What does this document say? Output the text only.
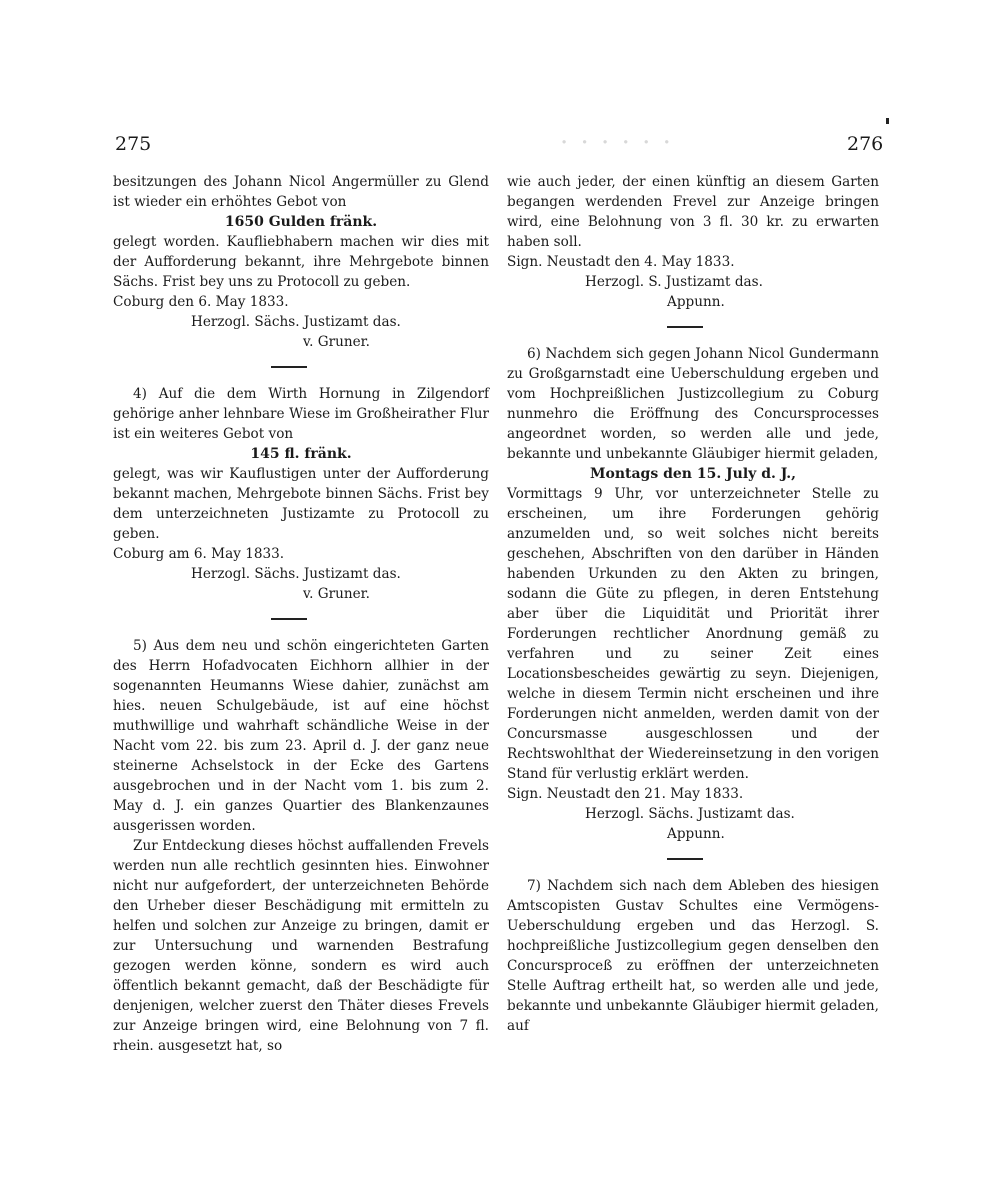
· · · · · ·
275	276

besitzungen des Johann Nicol Angermüller zu Glend ist wieder ein erhöhtes Gebot von

1650 Gulden fränk.

gelegt worden. Kaufliebhabern machen wir dies mit der Aufforderung bekannt, ihre Mehrgebote binnen Sächs. Frist bey uns zu Protocoll zu geben.

Coburg den 6. May 1833.

Herzogl. Sächs. Justizamt das.

v. Gruner.

4) Auf die dem Wirth Hornung in Zilgendorf gehörige anher lehnbare Wiese im Großheirather Flur ist ein weiteres Gebot von

145 fl. fränk.

gelegt, was wir Kauflustigen unter der Aufforderung bekannt machen, Mehrgebote binnen Sächs. Frist bey dem unterzeichneten Justizamte zu Protocoll zu geben.

Coburg am 6. May 1833.

Herzogl. Sächs. Justizamt das.

v. Gruner.

5) Aus dem neu und schön eingerichteten Garten des Herrn Hofadvocaten Eichhorn allhier in der sogenannten Heumanns Wiese dahier, zunächst am hies. neuen Schulgebäude, ist auf eine höchst muthwillige und wahrhaft schändliche Weise in der Nacht vom 22. bis zum 23. April d. J. der ganz neue steinerne Achselstock in der Ecke des Gartens ausgebrochen und in der Nacht vom 1. bis zum 2. May d. J. ein ganzes Quartier des Blankenzaunes ausgerissen worden.

Zur Entdeckung dieses höchst auffallenden Frevels werden nun alle rechtlich gesinnten hies. Einwohner nicht nur aufgefordert, der unterzeichneten Behörde den Urheber dieser Beschädigung mit ermitteln zu helfen und solchen zur Anzeige zu bringen, damit er zur Untersuchung und warnenden Bestrafung gezogen werden könne, sondern es wird auch öffentlich bekannt gemacht, daß der Beschädigte für denjenigen, welcher zuerst den Thäter dieses Frevels zur Anzeige bringen wird, eine Belohnung von 7 fl. rhein. ausgesetzt hat, so

wie auch jeder, der einen künftig an diesem Garten begangen werdenden Frevel zur Anzeige bringen wird, eine Belohnung von 3 fl. 30 kr. zu erwarten haben soll.

Sign. Neustadt den 4. May 1833.

Herzogl. S. Justizamt das.

Appunn.

6) Nachdem sich gegen Johann Nicol Gundermann zu Großgarnstadt eine Ueberschuldung ergeben und vom Hochpreißlichen Justizcollegium zu Coburg nunmehro die Eröffnung des Concursprocesses angeordnet worden, so werden alle und jede, bekannte und unbekannte Gläubiger hiermit geladen,

Montags den 15. July d. J.,

Vormittags 9 Uhr, vor unterzeichneter Stelle zu erscheinen, um ihre Forderungen gehörig anzumelden und, so weit solches nicht bereits geschehen, Abschriften von den darüber in Händen habenden Urkunden zu den Akten zu bringen, sodann die Güte zu pflegen, in deren Entstehung aber über die Liquidität und Priorität ihrer Forderungen rechtlicher Anordnung gemäß zu verfahren und zu seiner Zeit eines Locationsbescheides gewärtig zu seyn. Diejenigen, welche in diesem Termin nicht erscheinen und ihre Forderungen nicht anmelden, werden damit von der Concursmasse ausgeschlossen und der Rechtswohlthat der Wiedereinsetzung in den vorigen Stand für verlustig erklärt werden.

Sign. Neustadt den 21. May 1833.

Herzogl. Sächs. Justizamt das.

Appunn.

7) Nachdem sich nach dem Ableben des hiesigen Amtscopisten Gustav Schultes eine Vermögens-Ueberschuldung ergeben und das Herzogl. S. hochpreißliche Justizcollegium gegen denselben den Concursproceß zu eröffnen der unterzeichneten Stelle Auftrag ertheilt hat, so werden alle und jede, bekannte und unbekannte Gläubiger hiermit geladen, auf
